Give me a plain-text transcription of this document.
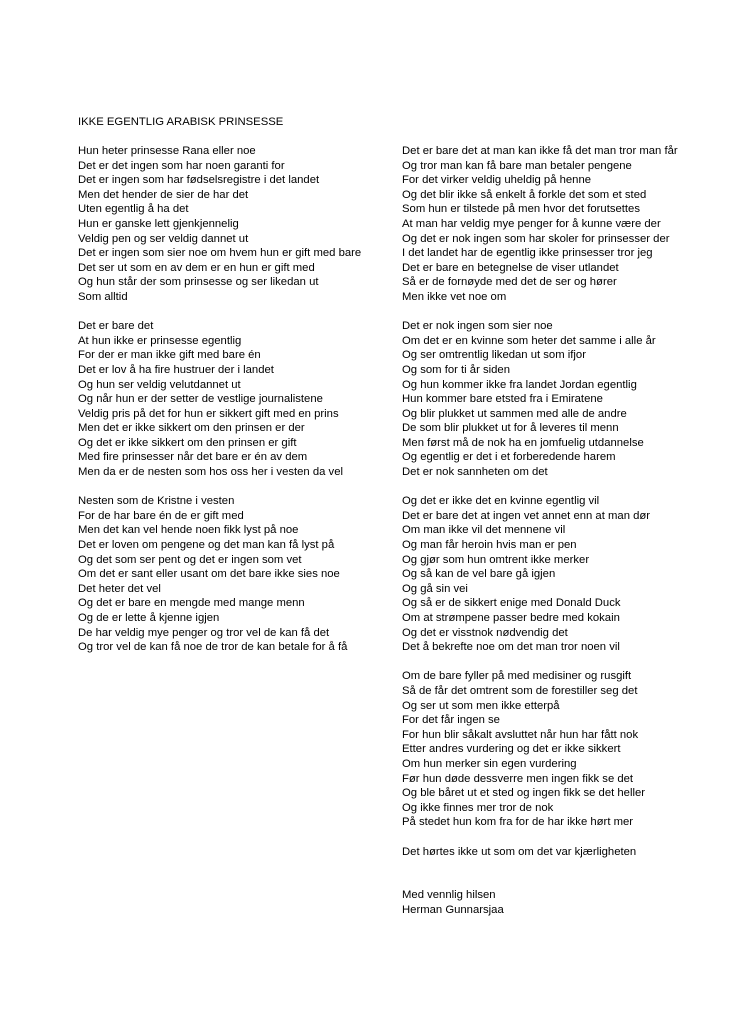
IKKE EGENTLIG ARABISK PRINSESSE
Hun heter prinsesse Rana eller noe
Det er det ingen som har noen garanti for
Det er ingen som har fødselsregistre i det landet
Men det hender de sier de har det
Uten egentlig å ha det
Hun er ganske lett gjenkjennelig
Veldig pen og ser veldig dannet ut
Det er ingen som sier noe om hvem hun er gift med bare
Det ser ut som en av dem er en hun er gift med
Og hun står der som prinsesse og ser likedan ut
Som alltid
Det er bare det
At hun ikke er prinsesse egentlig
For der er man ikke gift med bare én
Det er lov å ha fire hustruer der i landet
Og hun ser veldig velutdannet ut
Og når hun er der setter de vestlige journalistene
Veldig pris på det for hun er sikkert gift med en prins
Men det er ikke sikkert om den prinsen er der
Og det er ikke sikkert om den prinsen er gift
Med fire prinsesser når det bare er én av dem
Men da er de nesten som hos oss her i vesten da vel
Nesten som de Kristne i vesten
For de har bare én de er gift med
Men det kan vel hende noen fikk lyst på noe
Det er loven om pengene og det man kan få lyst på
Og det som ser pent og det er ingen som vet
Om det er sant eller usant om det bare ikke sies noe
Det heter det vel
Og det er bare en mengde med mange menn
Og de er lette å kjenne igjen
De har veldig mye penger og tror vel de kan få det
Og tror vel de kan få noe de tror de kan betale for å få
Det er bare det at man kan ikke få det man tror man får
Og tror man kan få bare man betaler pengene
For det virker veldig uheldig på henne
Og det blir ikke så enkelt å forkle det som et sted
Som hun er tilstede på men hvor det forutsettes
At man har veldig mye penger for å kunne være der
Og det er nok ingen som har skoler for prinsesser der
I det landet har de egentlig ikke prinsesser tror jeg
Det er bare en betegnelse de viser utlandet
Så er de fornøyde med det de ser og hører
Men ikke vet noe om
Det er nok ingen som sier noe
Om det er en kvinne som heter det samme i alle år
Og ser omtrentlig likedan ut som ifjor
Og som for ti år siden
Og hun kommer ikke fra landet Jordan egentlig
Hun kommer bare etsted fra i Emiratene
Og blir plukket ut sammen med alle de andre
De som blir plukket ut for å leveres til menn
Men først må de nok ha en jomfuelig utdannelse
Og egentlig er det i et forberedende harem
Det er nok sannheten om det
Og det er ikke det en kvinne egentlig vil
Det er bare det at ingen vet annet enn at man dør
Om man ikke vil det mennene vil
Og man får heroin hvis man er pen
Og gjør som hun omtrent ikke merker
Og så kan de vel bare gå igjen
Og gå sin vei
Og så er de sikkert enige med Donald Duck
Om at strømpene passer bedre med kokain
Og det er visstnok nødvendig det
Det å bekrefte noe om det man tror noen vil
Om de bare fyller på med medisiner og rusgift
Så de får det omtrent som de forestiller seg det
Og ser ut som men ikke etterpå
For det får ingen se
For hun blir såkalt avsluttet når hun har fått nok
Etter andres vurdering og det er ikke sikkert
Om hun merker sin egen vurdering
Før hun døde dessverre men ingen fikk se det
Og ble båret ut et sted og ingen fikk se det heller
Og ikke finnes mer tror de nok
På stedet hun kom fra for de har ikke hørt mer
Det hørtes ikke ut som om det var kjærligheten
Med vennlig hilsen
Herman Gunnarsjaa
